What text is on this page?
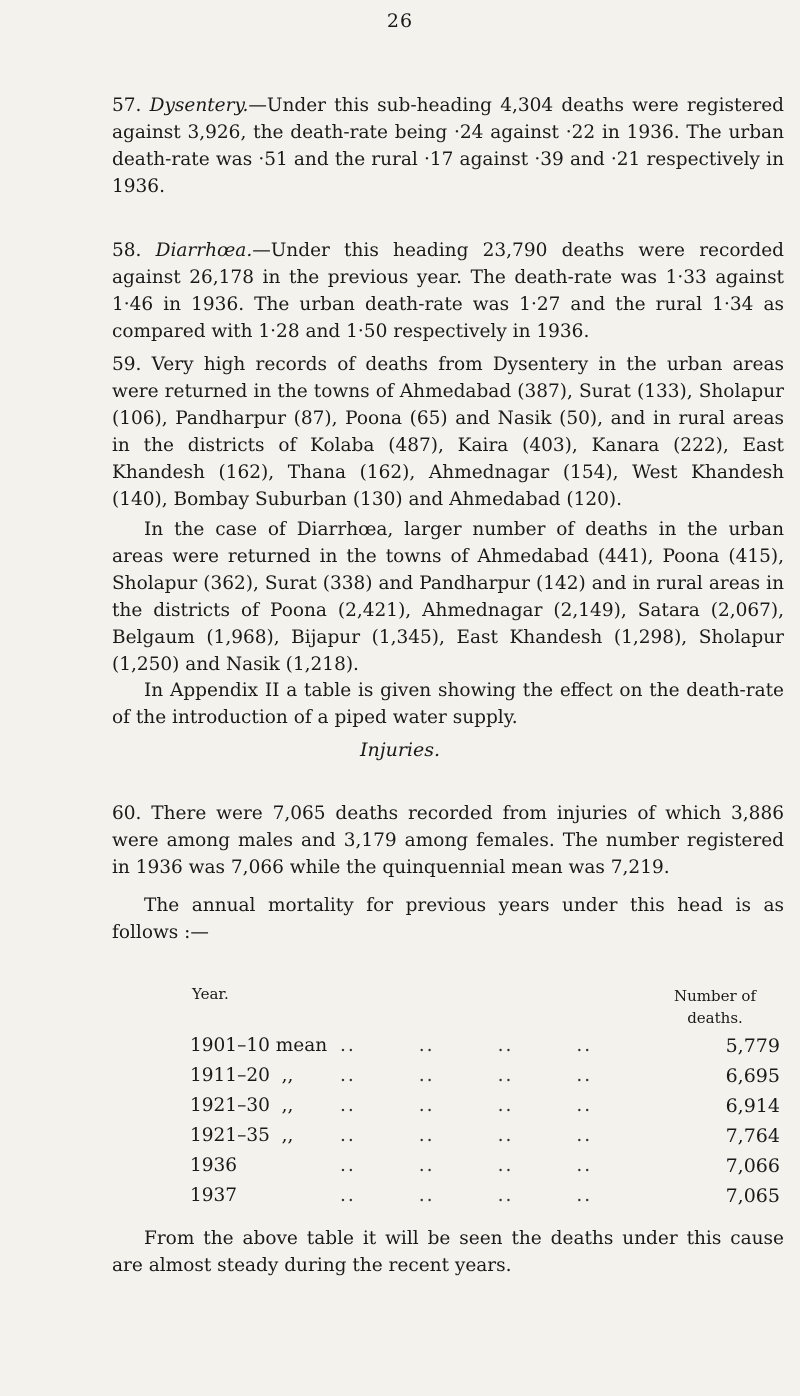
26

57. Dysentery.—Under this sub-heading 4,304 deaths were registered against 3,926, the death-rate being ·24 against ·22 in 1936. The urban death-rate was ·51 and the rural ·17 against ·39 and ·21 respectively in 1936.

58. Diarrhœa.—Under this heading 23,790 deaths were recorded against 26,178 in the previous year. The death-rate was 1·33 against 1·46 in 1936. The urban death-rate was 1·27 and the rural 1·34 as compared with 1·28 and 1·50 respectively in 1936.

59. Very high records of deaths from Dysentery in the urban areas were returned in the towns of Ahmedabad (387), Surat (133), Sholapur (106), Pandharpur (87), Poona (65) and Nasik (50), and in rural areas in the districts of Kolaba (487), Kaira (403), Kanara (222), East Khandesh (162), Thana (162), Ahmednagar (154), West Khandesh (140), Bombay Suburban (130) and Ahmedabad (120).

In the case of Diarrhœa, larger number of deaths in the urban areas were returned in the towns of Ahmedabad (441), Poona (415), Sholapur (362), Surat (338) and Pandharpur (142) and in rural areas in the districts of Poona (2,421), Ahmednagar (2,149), Satara (2,067), Belgaum (1,968), Bijapur (1,345), East Khandesh (1,298), Sholapur (1,250) and Nasik (1,218).

In Appendix II a table is given showing the effect on the death-rate of the introduction of a piped water supply.

Injuries.

Year.	Number of
deaths.
1901–10 mean ..        ..        ..        ..	5,779
1911–20  ,,	..        ..        ..        ..	6,695
1921–30  ,,	..        ..        ..        ..	6,914
1921–35  ,,	..        ..        ..        ..	7,764
1936	..        ..        ..        ..	7,066
1937	..        ..        ..        ..	7,065

From the above table it will be seen the deaths under this cause are almost steady during the recent years.

60. There were 7,065 deaths recorded from injuries of which 3,886 were among males and 3,179 among females. The number registered in 1936 was 7,066 while the quinquennial mean was 7,219.

The annual mortality for previous years under this head is as follows :—
